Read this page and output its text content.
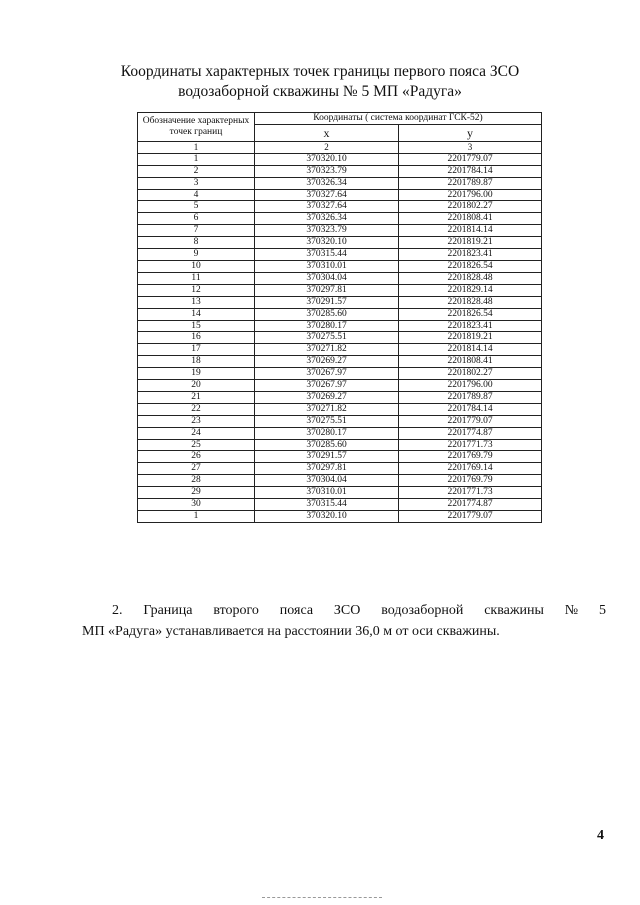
Координаты характерных точек границы первого пояса ЗСО
водозаборной скважины № 5 МП «Радуга»
Обозначение характерных точек границ	Координаты ( система координат ГСК-52)	
	x	y
1	2	3
1	370320.10	2201779.07
2	370323.79	2201784.14
3	370326.34	2201789.87
4	370327.64	2201796.00
5	370327.64	2201802.27
6	370326.34	2201808.41
7	370323.79	2201814.14
8	370320.10	2201819.21
9	370315.44	2201823.41
10	370310.01	2201826.54
11	370304.04	2201828.48
12	370297.81	2201829.14
13	370291.57	2201828.48
14	370285.60	2201826.54
15	370280.17	2201823.41
16	370275.51	2201819.21
17	370271.82	2201814.14
18	370269.27	2201808.41
19	370267.97	2201802.27
20	370267.97	2201796.00
21	370269.27	2201789.87
22	370271.82	2201784.14
23	370275.51	2201779.07
24	370280.17	2201774.87
25	370285.60	2201771.73
26	370291.57	2201769.79
27	370297.81	2201769.14
28	370304.04	2201769.79
29	370310.01	2201771.73
30	370315.44	2201774.87
1	370320.10	2201779.07
2. Граница второго пояса ЗСО водозаборной скважины № 5
МП «Радуга» устанавливается на расстоянии 36,0 м от оси скважины.
4
